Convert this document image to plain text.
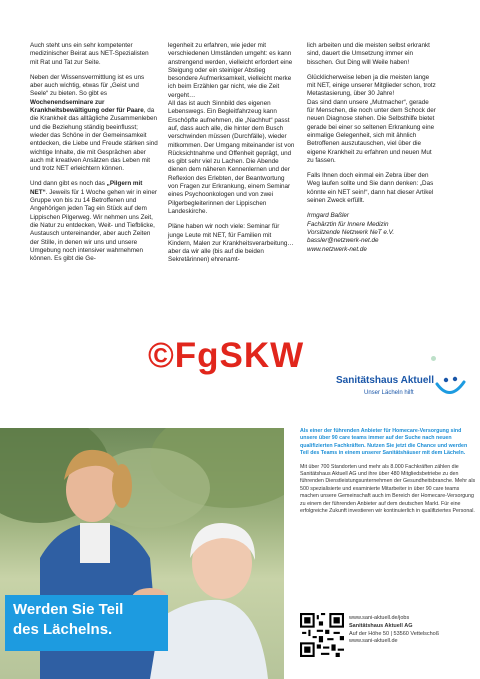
Auch steht uns ein sehr kompetenter medizinischer Beirat aus NET-Spezialisten mit Rat und Tat zur Seite.

Neben der Wissensvermittlung ist es uns aber auch wichtig, etwas für „Geist und Seele“ zu bieten. So gibt es Wochenendseminare zur Krankheitsbewältigung oder für Paare, da die Krankheit das alltägliche Zusammenleben und die Beziehung ständig beeinflusst; wieder das Schöne in der Gemeinsamkeit entdecken, die Liebe und Freude stärken sind wichtige Inhalte, die mit Gesprächen aber auch mit kreativen Ansätzen das Leben mit und trotz NET erleichtern können.

Und dann gibt es noch das „Pilgern mit NET“. Jeweils für 1 Woche gehen wir in einer Gruppe von bis zu 14 Betroffenen und Angehörigen jeden Tag ein Stück auf dem Lippischen Pilgerweg. Wir nehmen uns Zeit, die Natur zu entdecken, Weit- und Tiefblicke, Austausch untereinander, aber auch Zeiten der Stille, in denen wir uns und unsere Umgebung noch intensiver wahrnehmen können. Es gibt die Ge-

legenheit zu erfahren, wie jeder mit verschiedenen Umständen umgeht: es kann anstrengend werden, vielleicht erfordert eine Steigung oder ein steiniger Abstieg besondere Aufmerksamkeit, vielleicht merke ich beim Erzählen gar nicht, wie die Zeit vergeht…

All das ist auch Sinnbild des eigenen Lebenswegs. Ein Begleitfahrzeug kann Erschöpfte aufnehmen, die „Nachhut“ passt auf, dass auch alle, die hinter dem Busch verschwinden müssen (Durchfälle), wieder mitkommen. Der Umgang miteinander ist von Rücksichtnahme und Offenheit geprägt, und es gibt sehr viel zu Lachen. Die Abende dienen dem näheren Kennenlernen und der Reflexion des Erlebten, der Beantwortung von Fragen zur Erkrankung, einem Seminar eines Psychoonkologen und von zwei Pilgerbegleiterinnen der Lippischen Landeskirche.

Pläne haben wir noch viele: Seminar für junge Leute mit NET, für Familien mit Kindern, Malen zur Krankheitsverarbeitung… aber da wir alle (bis auf die beiden Sekretärinnen) ehrenamt-

lich arbeiten und die meisten selbst erkrankt sind, dauert die Umsetzung immer ein bisschen. Gut Ding will Weile haben!

Glücklicherweise leben ja die meisten lange mit NET, einige unserer Mitglieder schon, trotz Metastasierung, über 30 Jahre!

Das sind dann unsere „Mutmacher“, gerade für Menschen, die noch unter dem Schock der neuen Diagnose stehen. Die Selbsthilfe bietet gerade bei einer so seltenen Erkrankung eine einmalige Gelegenheit, sich mit ähnlich Betroffenen auszutauschen, viel über die eigene Krankheit zu erfahren und neuen Mut zu fassen.

Falls Ihnen doch einmal ein Zebra über den Weg laufen sollte und Sie dann denken: „Das könnte ein NET sein!“, dann hat dieser Artikel seinen Zweck erfüllt.

Irmgard Baßler
Fachärztin für Innere Medizin
Vorsitzende Netzwerk NeT e.V.
bassler@netzwerk-net.de
www.netzwerk-net.de
©FgSKW
Sanitätshaus Aktuell
Unser Lächeln hilft
Werden Sie Teil
des Lächelns.

Als einer der führenden Anbieter für Homecare-Versorgung sind unsere über 90 care teams immer auf der Suche nach neuen qualifizierten Fachkräften. Nutzen Sie jetzt die Chance und werden Teil des Teams in einem unserer Sanitätshäuser mit dem Lächeln.

Mit über 700 Standorten und mehr als 8.000 Fachkräften zählen die Sanitätshaus Aktuell AG und ihre über 480 Mitgliedsbetriebe zu den führenden Dienstleistungsunternehmen der Gesundheitsbranche. Mehr als 500 spezialisierte und examinierte Mitarbeiter in über 90 care teams machen unsere Gemeinschaft auch im Bereich der Homecare-Versorgung zu einem der führenden Anbieter auf dem deutschen Markt. Für eine erfolgreiche Zukunft investieren wir kontinuierlich in qualifiziertes Personal.

www.sani-aktuell.de/jobs
Sanitätshaus Aktuell AG
Auf der Höhe 50 | 53560 Vettelschoß
www.sani-aktuell.de
